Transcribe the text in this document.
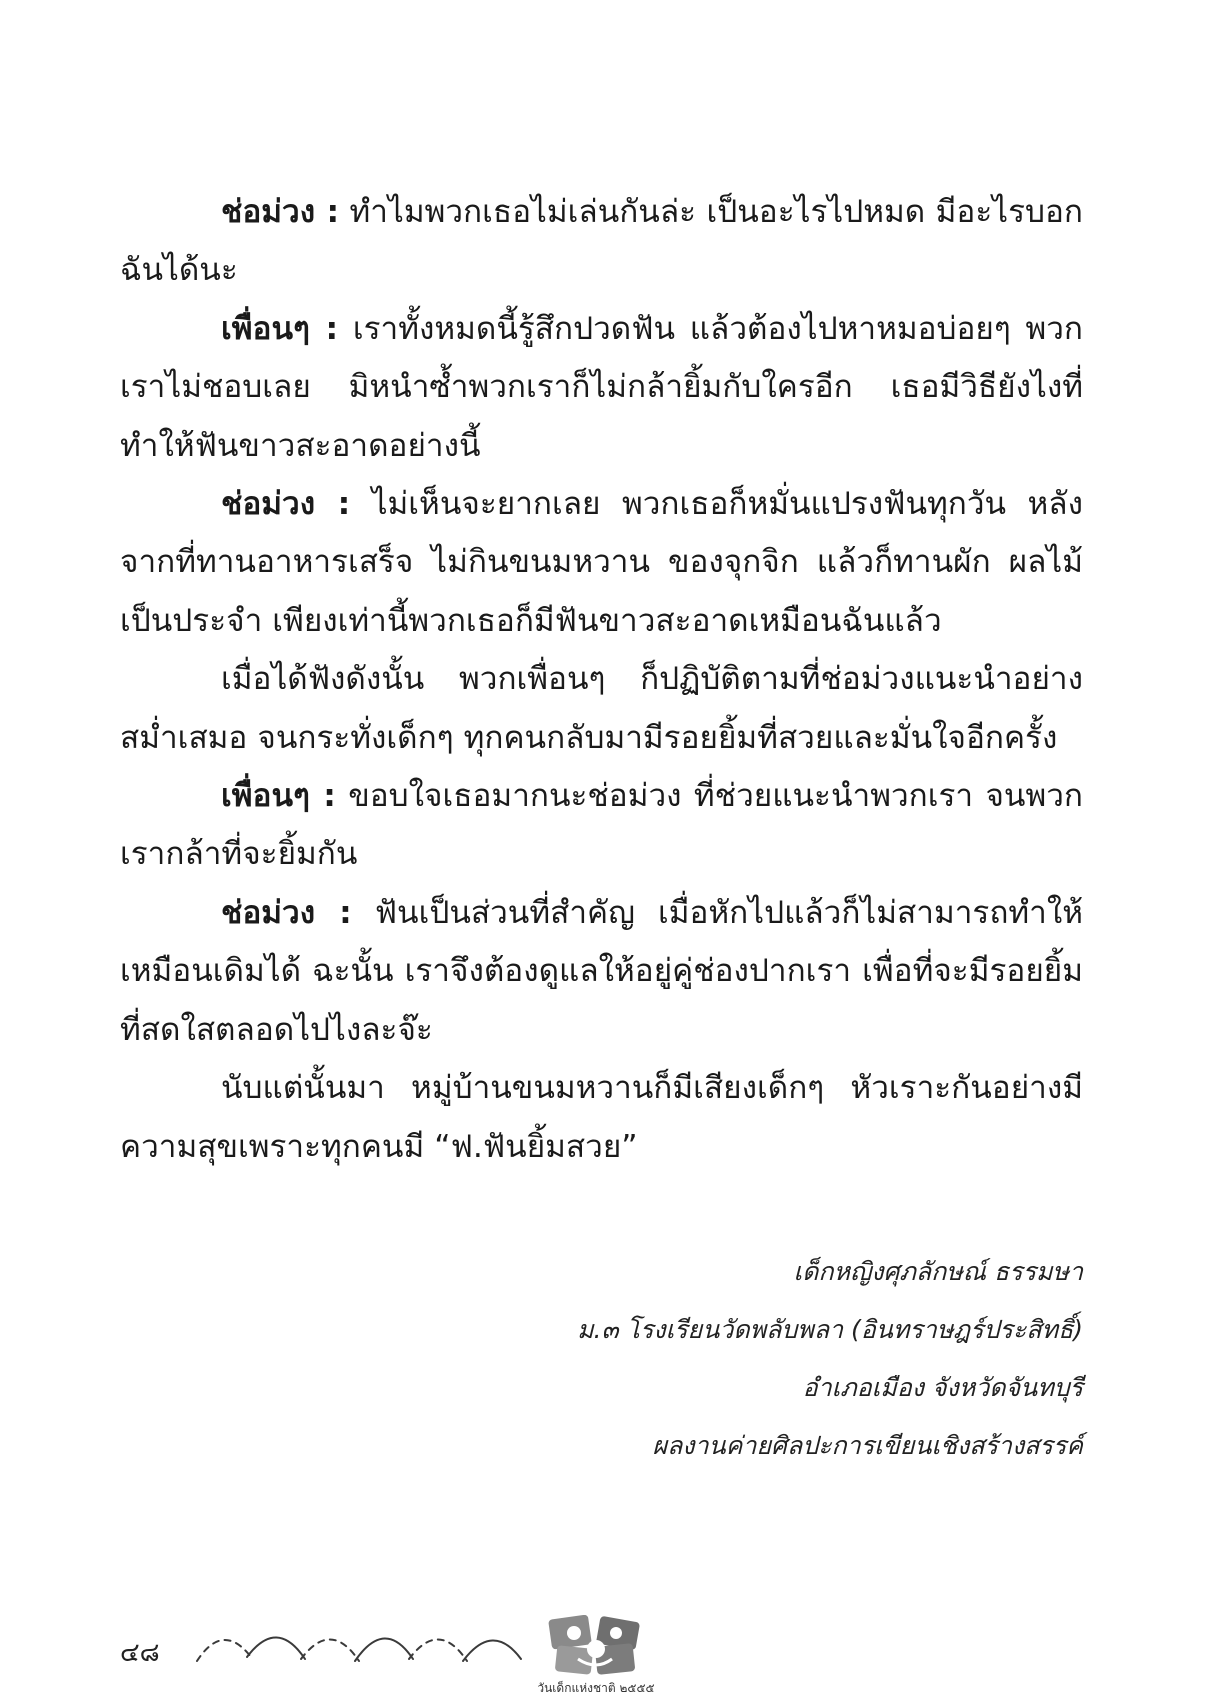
ช่อม่วง : ทำไมพวกเธอไม่เล่นกันล่ะ เป็นอะไรไปหมด มีอะไรบอกฉันได้นะ

เพื่อนๆ : เราทั้งหมดนี้รู้สึกปวดฟัน แล้วต้องไปหาหมอบ่อยๆ พวกเราไม่ชอบเลย มิหนำซ้ำพวกเราก็ไม่กล้ายิ้มกับใครอีก เธอมีวิธียังไงที่ทำให้ฟันขาวสะอาดอย่างนี้

ช่อม่วง : ไม่เห็นจะยากเลย พวกเธอก็หมั่นแปรงฟันทุกวัน หลังจากที่ทานอาหารเสร็จ ไม่กินขนมหวาน ของจุกจิก แล้วก็ทานผัก ผลไม้เป็นประจำ เพียงเท่านี้พวกเธอก็มีฟันขาวสะอาดเหมือนฉันแล้ว

เมื่อได้ฟังดังนั้น พวกเพื่อนๆ ก็ปฏิบัติตามที่ช่อม่วงแนะนำอย่างสม่ำเสมอ จนกระทั่งเด็กๆ ทุกคนกลับมามีรอยยิ้มที่สวยและมั่นใจอีกครั้ง

เพื่อนๆ : ขอบใจเธอมากนะช่อม่วง ที่ช่วยแนะนำพวกเรา จนพวกเรากล้าที่จะยิ้มกัน

ช่อม่วง : ฟันเป็นส่วนที่สำคัญ เมื่อหักไปแล้วก็ไม่สามารถทำให้เหมือนเดิมได้ ฉะนั้น เราจึงต้องดูแลให้อยู่คู่ช่องปากเรา เพื่อที่จะมีรอยยิ้มที่สดใสตลอดไปไงละจ๊ะ

นับแต่นั้นมา หมู่บ้านขนมหวานก็มีเสียงเด็กๆ หัวเราะกันอย่างมีความสุขเพราะทุกคนมี “ฟ.ฟันยิ้มสวย”

เด็กหญิงศุภลักษณ์ ธรรมษา
ม.๓ โรงเรียนวัดพลับพลา (อินทราษฎร์ประสิทธิ์)
อำเภอเมือง จังหวัดจันทบุรี
ผลงานค่ายศิลปะการเขียนเชิงสร้างสรรค์
๔๘
วันเด็กแห่งชาติ ๒๕๕๕
